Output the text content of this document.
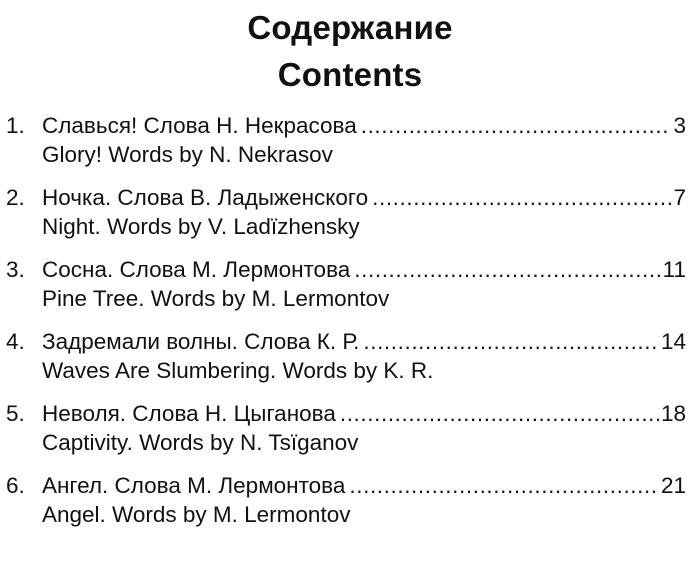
Содержание
Contents
1. Славься! Слова Н. Некрасова .....	3
Glory! Words by N. Nekrasov
2. Ночка. Слова В. Ладыженского .....	7
Night. Words by V. Ladïzhensky
3. Сосна. Слова М. Лермонтова .....	11
Pine Tree. Words by M. Lermontov
4. Задремали волны. Слова К. Р. .....	14
Waves Are Slumbering. Words by K. R.
5. Неволя. Слова Н. Цыганова .....	18
Captivity. Words by N. Tsïganov
6. Ангел. Слова М. Лермонтова .....	21
Angel. Words by M. Lermontov
